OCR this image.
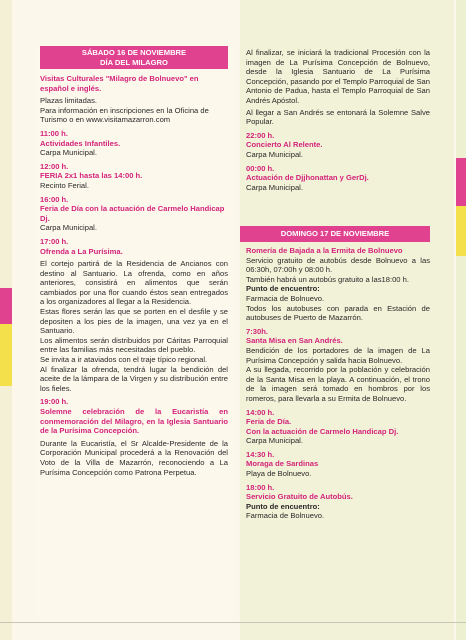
SÁBADO 16 DE NOVIEMBRE
DÍA DEL MILAGRO

Visitas Culturales "Milagro de Bolnuevo" en español e inglés.

Plazas limitadas.

Para información en inscripciones en la Oficina de Turismo o en www.visitamazarron.com

11:00 h.

Actividades Infantiles.

Carpa Municipal.

12:00 h.

FERIA 2x1 hasta las 14:00 h.

Recinto Ferial.

16:00 h.

Feria de Día con la actuación de Carmelo Handicap Dj.

Carpa Municipal.

17:00 h.

Ofrenda a La Purísima.

El cortejo partirá de la Residencia de Ancianos con destino al Santuario. La ofrenda, como en años anteriores, consistirá en alimentos que serán cambiados por una flor cuando éstos sean entregados a los organizadores al llegar a la Residencia.

Estas flores serán las que se porten en el desfile y se depositen a los pies de la imagen, una vez ya en el Santuario.

Los alimentos serán distribuidos por Cáritas Parroquial entre las familias más necesitadas del pueblo.

Se invita a ir ataviados con el traje típico regional.

Al finalizar la ofrenda, tendrá lugar la bendición del aceite de la lámpara de la Virgen y su distribución entre los fieles.

19:00 h.

Solemne celebración de la Eucaristía en conmemoración del Milagro, en la Iglesia Santuario de la Purísima Concepción.

Durante la Eucaristía, el Sr Alcalde-Presidente de la Corporación Municipal procederá a la Renovación del Voto de la Villa de Mazarrón, reconociendo a La Purísima Concepción como Patrona Perpetua.

Al finalizar, se iniciará la tradicional Procesión con la imagen de La Purísima Concepción de Bolnuevo, desde la Iglesia Santuario de La Purísima Concepción, pasando por el Templo Parroquial de San Antonio de Padua, hasta el Templo Parroquial de San Andrés Apóstol.

Al llegar a San Andrés se entonará la Solemne Salve Popular.

22:00 h.

Concierto Al Relente.

Carpa Municipal.

00:00 h.

Actuación de Djjhonattan y GerDj.

Carpa Municipal.

DOMINGO 17 DE NOVIEMBRE

Romería de Bajada a la Ermita de Bolnuevo

Servicio gratuito de autobús desde Bolnuevo a las 06:30h, 07:00h y 08:00 h.

También habrá un autobús gratuito a las18:00 h.

Punto de encuentro:

Farmacia de Bolnuevo.

Todos los autobuses con parada en Estación de autobuses de Puerto de Mazarrón.

7:30h.

Santa Misa en San Andrés.

Bendición de los portadores de la imagen de La Purísima Concepción y salida hacia Bolnuevo.

A su llegada, recorrido por la población y celebración de la Santa Misa en la playa. A continuación, el trono de la imagen será tomado en hombros por los romeros, para llevarla a su Ermita de Bolnuevo.

14:00 h.

Feria de Día.

Con la actuación de Carmelo Handicap Dj.

Carpa Municipal.

14:30 h.

Moraga de Sardinas

Playa de Bolnuevo.

18:00 h.

Servicio Gratuito de Autobús.

Punto de encuentro:

Farmacia de Bolnuevo.
